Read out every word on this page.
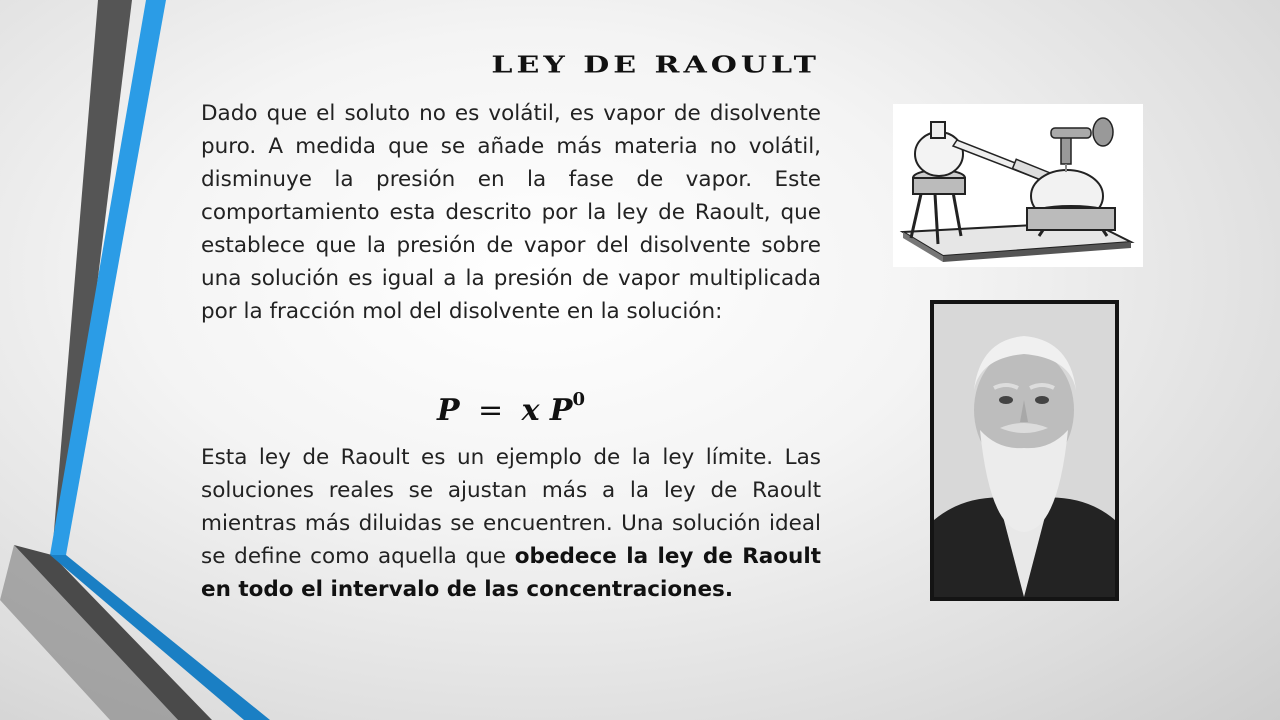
LEY DE RAOULT

Dado que el soluto no es volátil, es vapor de disolvente puro. A medida que se añade más materia no volátil, disminuye la presión en la fase de vapor. Este comportamiento esta descrito por la ley de Raoult, que establece que la presión de vapor del disolvente sobre una solución es igual a la presión de vapor multiplicada por la fracción mol del disolvente en la solución:

P = x $P^0$

Esta ley de Raoult es un ejemplo de la ley límite. Las soluciones reales se ajustan más a la ley de Raoult mientras más diluidas se encuentren. Una solución ideal se define como aquella que obedece la ley de Raoult en todo el intervalo de las concentraciones.
